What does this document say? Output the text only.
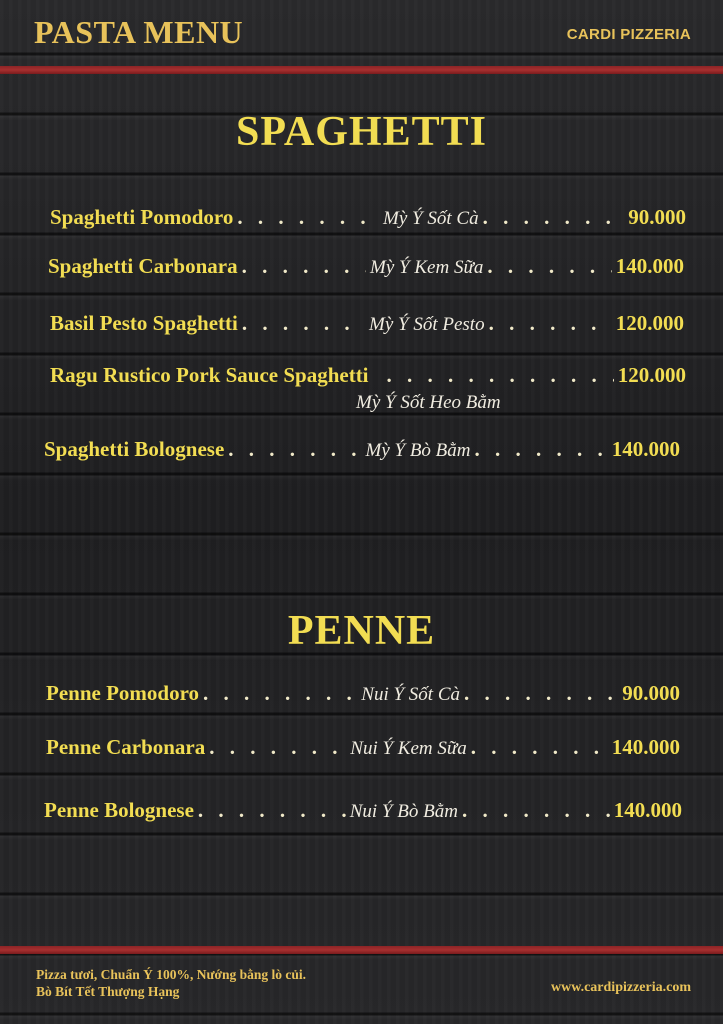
PASTA MENU	CARDI PIZZERIA
SPAGHETTI
Spaghetti Pomodoro . . .	Mỳ Ý Sốt Cà . . .	90.000
Spaghetti Carbonara . . .	Mỳ Ý Kem Sữa . . .	140.000
Basil Pesto Spaghetti . . .	Mỳ Ý Sốt Pesto . . .	120.000
Ragu Rustico Pork Sauce Spaghetti . . .	120.000
Mỳ Ý Sốt Heo Bằm
Spaghetti Bolognese . . .	Mỳ Ý Bò Bằm . . .	140.000
PENNE
Penne Pomodoro . . .	Nui Ý Sốt Cà . . .	90.000
Penne Carbonara . . .	Nui Ý Kem Sữa . . .	140.000
Penne Bolognese . . .	Nui Ý Bò Bằm . . .	140.000
Pizza tươi, Chuẩn Ý 100%, Nướng bằng lò củi.
Bò Bít Tết Thượng Hạng	www.cardipizzeria.com
